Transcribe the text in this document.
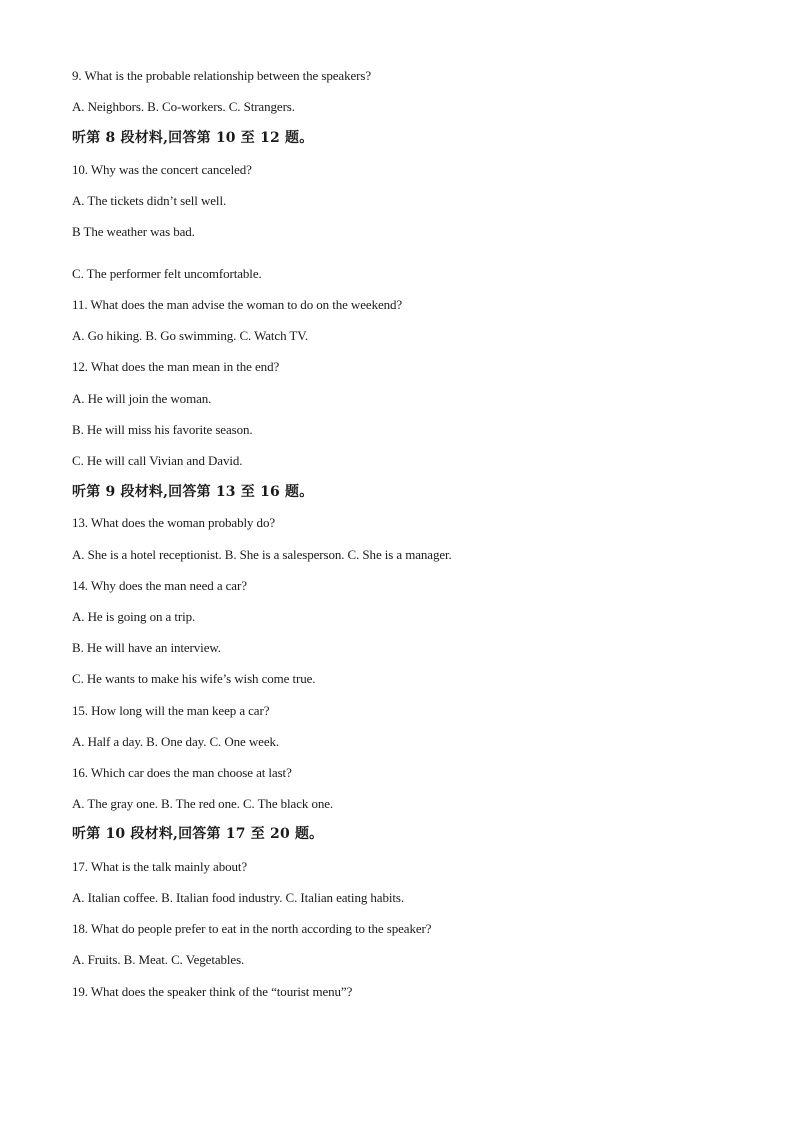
9. What is the probable relationship between the speakers?
A. Neighbors. B. Co-workers. C. Strangers.
听第 8 段材料,回答第 10 至 12 题。
10. Why was the concert canceled?
A. The tickets didn’t sell well.
B The weather was bad.
C. The performer felt uncomfortable.
11. What does the man advise the woman to do on the weekend?
A. Go hiking. B. Go swimming. C. Watch TV.
12. What does the man mean in the end?
A. He will join the woman.
B. He will miss his favorite season.
C. He will call Vivian and David.
听第 9 段材料,回答第 13 至 16 题。
13. What does the woman probably do?
A. She is a hotel receptionist. B. She is a salesperson. C. She is a manager.
14. Why does the man need a car?
A. He is going on a trip.
B. He will have an interview.
C. He wants to make his wife’s wish come true.
15. How long will the man keep a car?
A. Half a day. B. One day. C. One week.
16. Which car does the man choose at last?
A. The gray one. B. The red one. C. The black one.
听第 10 段材料,回答第 17 至 20 题。
17. What is the talk mainly about?
A. Italian coffee. B. Italian food industry. C. Italian eating habits.
18. What do people prefer to eat in the north according to the speaker?
A. Fruits. B. Meat. C. Vegetables.
19. What does the speaker think of the “tourist menu”?
